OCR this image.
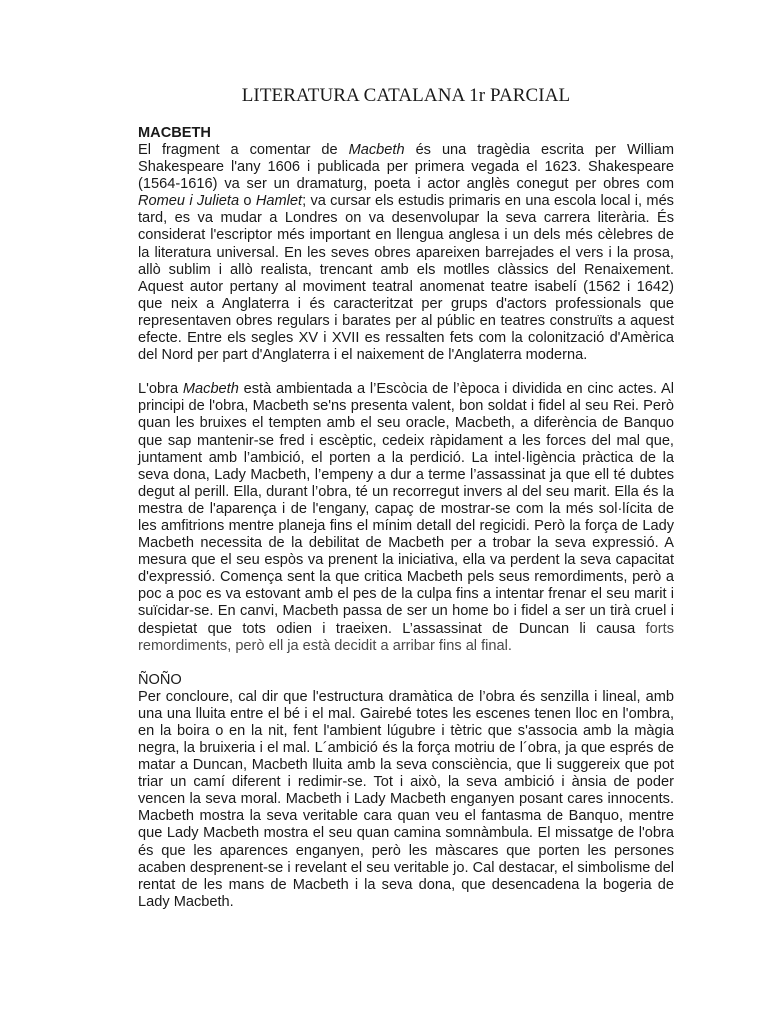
LITERATURA CATALANA 1r PARCIAL
MACBETH

El fragment a comentar de Macbeth és una tragèdia escrita per William Shakespeare l'any 1606 i publicada per primera vegada el 1623. Shakespeare (1564-1616) va ser un dramaturg, poeta i actor anglès conegut per obres com Romeu i Julieta o Hamlet; va cursar els estudis primaris en una escola local i, més tard, es va mudar a Londres on va desenvolupar la seva carrera literària. És considerat l'escriptor més important en llengua anglesa i un dels més cèlebres de la literatura universal. En les seves obres apareixen barrejades el vers i la prosa, allò sublim i allò realista, trencant amb els motlles clàssics del Renaixement. Aquest autor pertany al moviment teatral anomenat teatre isabelí (1562 i 1642) que neix a Anglaterra i és caracteritzat per grups d'actors professionals que representaven obres regulars i barates per al públic en teatres construïts a aquest efecte. Entre els segles XV i XVII es ressalten fets com la colonització d'Amèrica del Nord per part d'Anglaterra i el naixement de l'Anglaterra moderna.

L'obra Macbeth està ambientada a l’Escòcia de l’època i dividida en cinc actes. Al principi de l'obra, Macbeth se'ns presenta valent, bon soldat i fidel al seu Rei. Però quan les bruixes el tempten amb el seu oracle, Macbeth, a diferència de Banquo que sap mantenir-se fred i escèptic, cedeix ràpidament a les forces del mal que, juntament amb l’ambició, el porten a la perdició. La intel·ligència pràctica de la seva dona, Lady Macbeth, l’empeny a dur a terme l’assassinat ja que ell té dubtes degut al perill. Ella, durant l’obra, té un recorregut invers al del seu marit. Ella és la mestra de l'aparença i de l'engany, capaç de mostrar-se com la més sol·lícita de les amfitrions mentre planeja fins el mínim detall del regicidi. Però la força de Lady Macbeth necessita de la debilitat de Macbeth per a trobar la seva expressió. A mesura que el seu espòs va prenent la iniciativa, ella va perdent la seva capacitat d'expressió. Comença sent la que critica Macbeth pels seus remordiments, però a poc a poc es va estovant amb el pes de la culpa fins a intentar frenar el seu marit i suïcidar-se. En canvi, Macbeth passa de ser un home bo i fidel a ser un tirà cruel i despietat que tots odien i traeixen. L’assassinat de Duncan li causa forts remordiments, però ell ja està decidit a arribar fins al final.

ÑOÑO

Per concloure, cal dir que l'estructura dramàtica de l’obra és senzilla i lineal, amb una una lluita entre el bé i el mal. Gairebé totes les escenes tenen lloc en l'ombra, en la boira o en la nit, fent l'ambient lúgubre i tètric que s'associa amb la màgia negra, la bruixeria i el mal. L´ambició és la força motriu de l´obra, ja que esprés de matar a Duncan, Macbeth lluita amb la seva consciència, que li suggereix que pot triar un camí diferent i redimir-se. Tot i això, la seva ambició i ànsia de poder vencen la seva moral. Macbeth i Lady Macbeth enganyen posant cares innocents. Macbeth mostra la seva veritable cara quan veu el fantasma de Banquo, mentre que Lady Macbeth mostra el seu quan camina somnàmbula. El missatge de l'obra és que les aparences enganyen, però les màscares que porten les persones acaben desprenent-se i revelant el seu veritable jo. Cal destacar, el simbolisme del rentat de les mans de Macbeth i la seva dona, que desencadena la bogeria de Lady Macbeth.
